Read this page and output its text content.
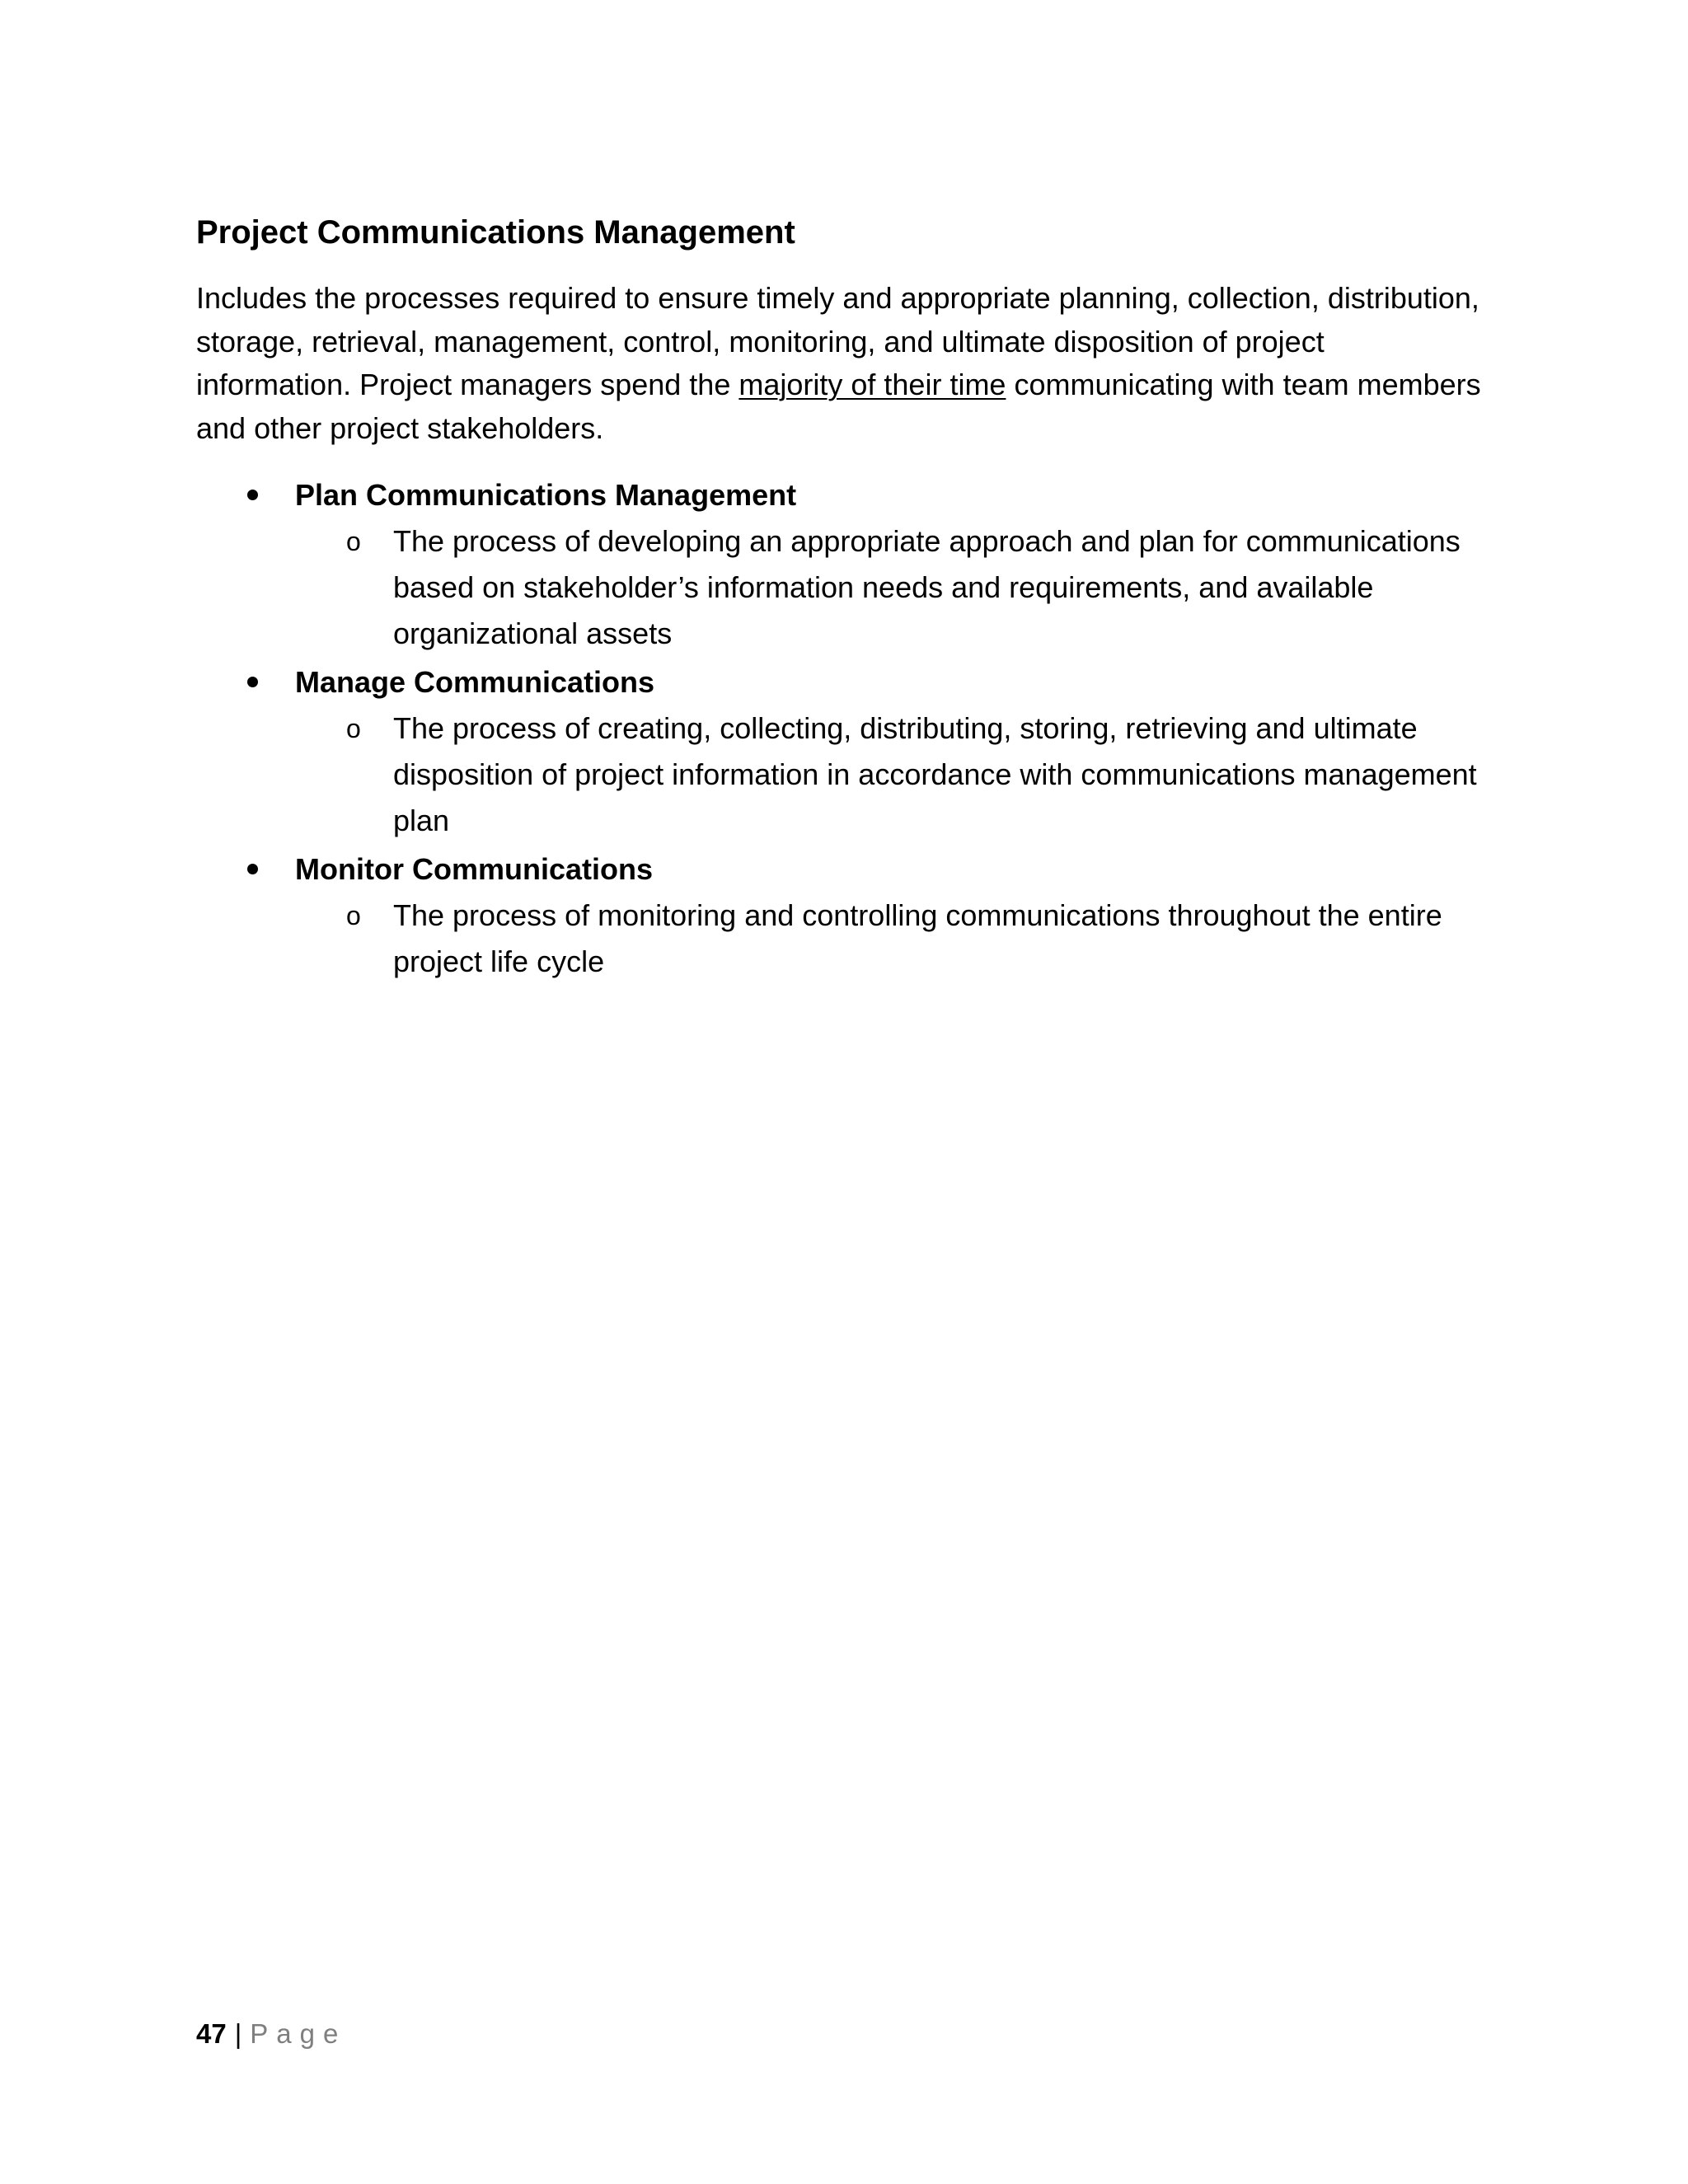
Project Communications Management

Includes the processes required to ensure timely and appropriate planning, collection, distribution, storage, retrieval, management, control, monitoring, and ultimate disposition of project information. Project managers spend the majority of their time communicating with team members and other project stakeholders.

Plan Communications Management
o The process of developing an appropriate approach and plan for communications based on stakeholder’s information needs and requirements, and available organizational assets
Manage Communications
o The process of creating, collecting, distributing, storing, retrieving and ultimate disposition of project information in accordance with communications management plan
Monitor Communications
o The process of monitoring and controlling communications throughout the entire project life cycle
47 | Page
